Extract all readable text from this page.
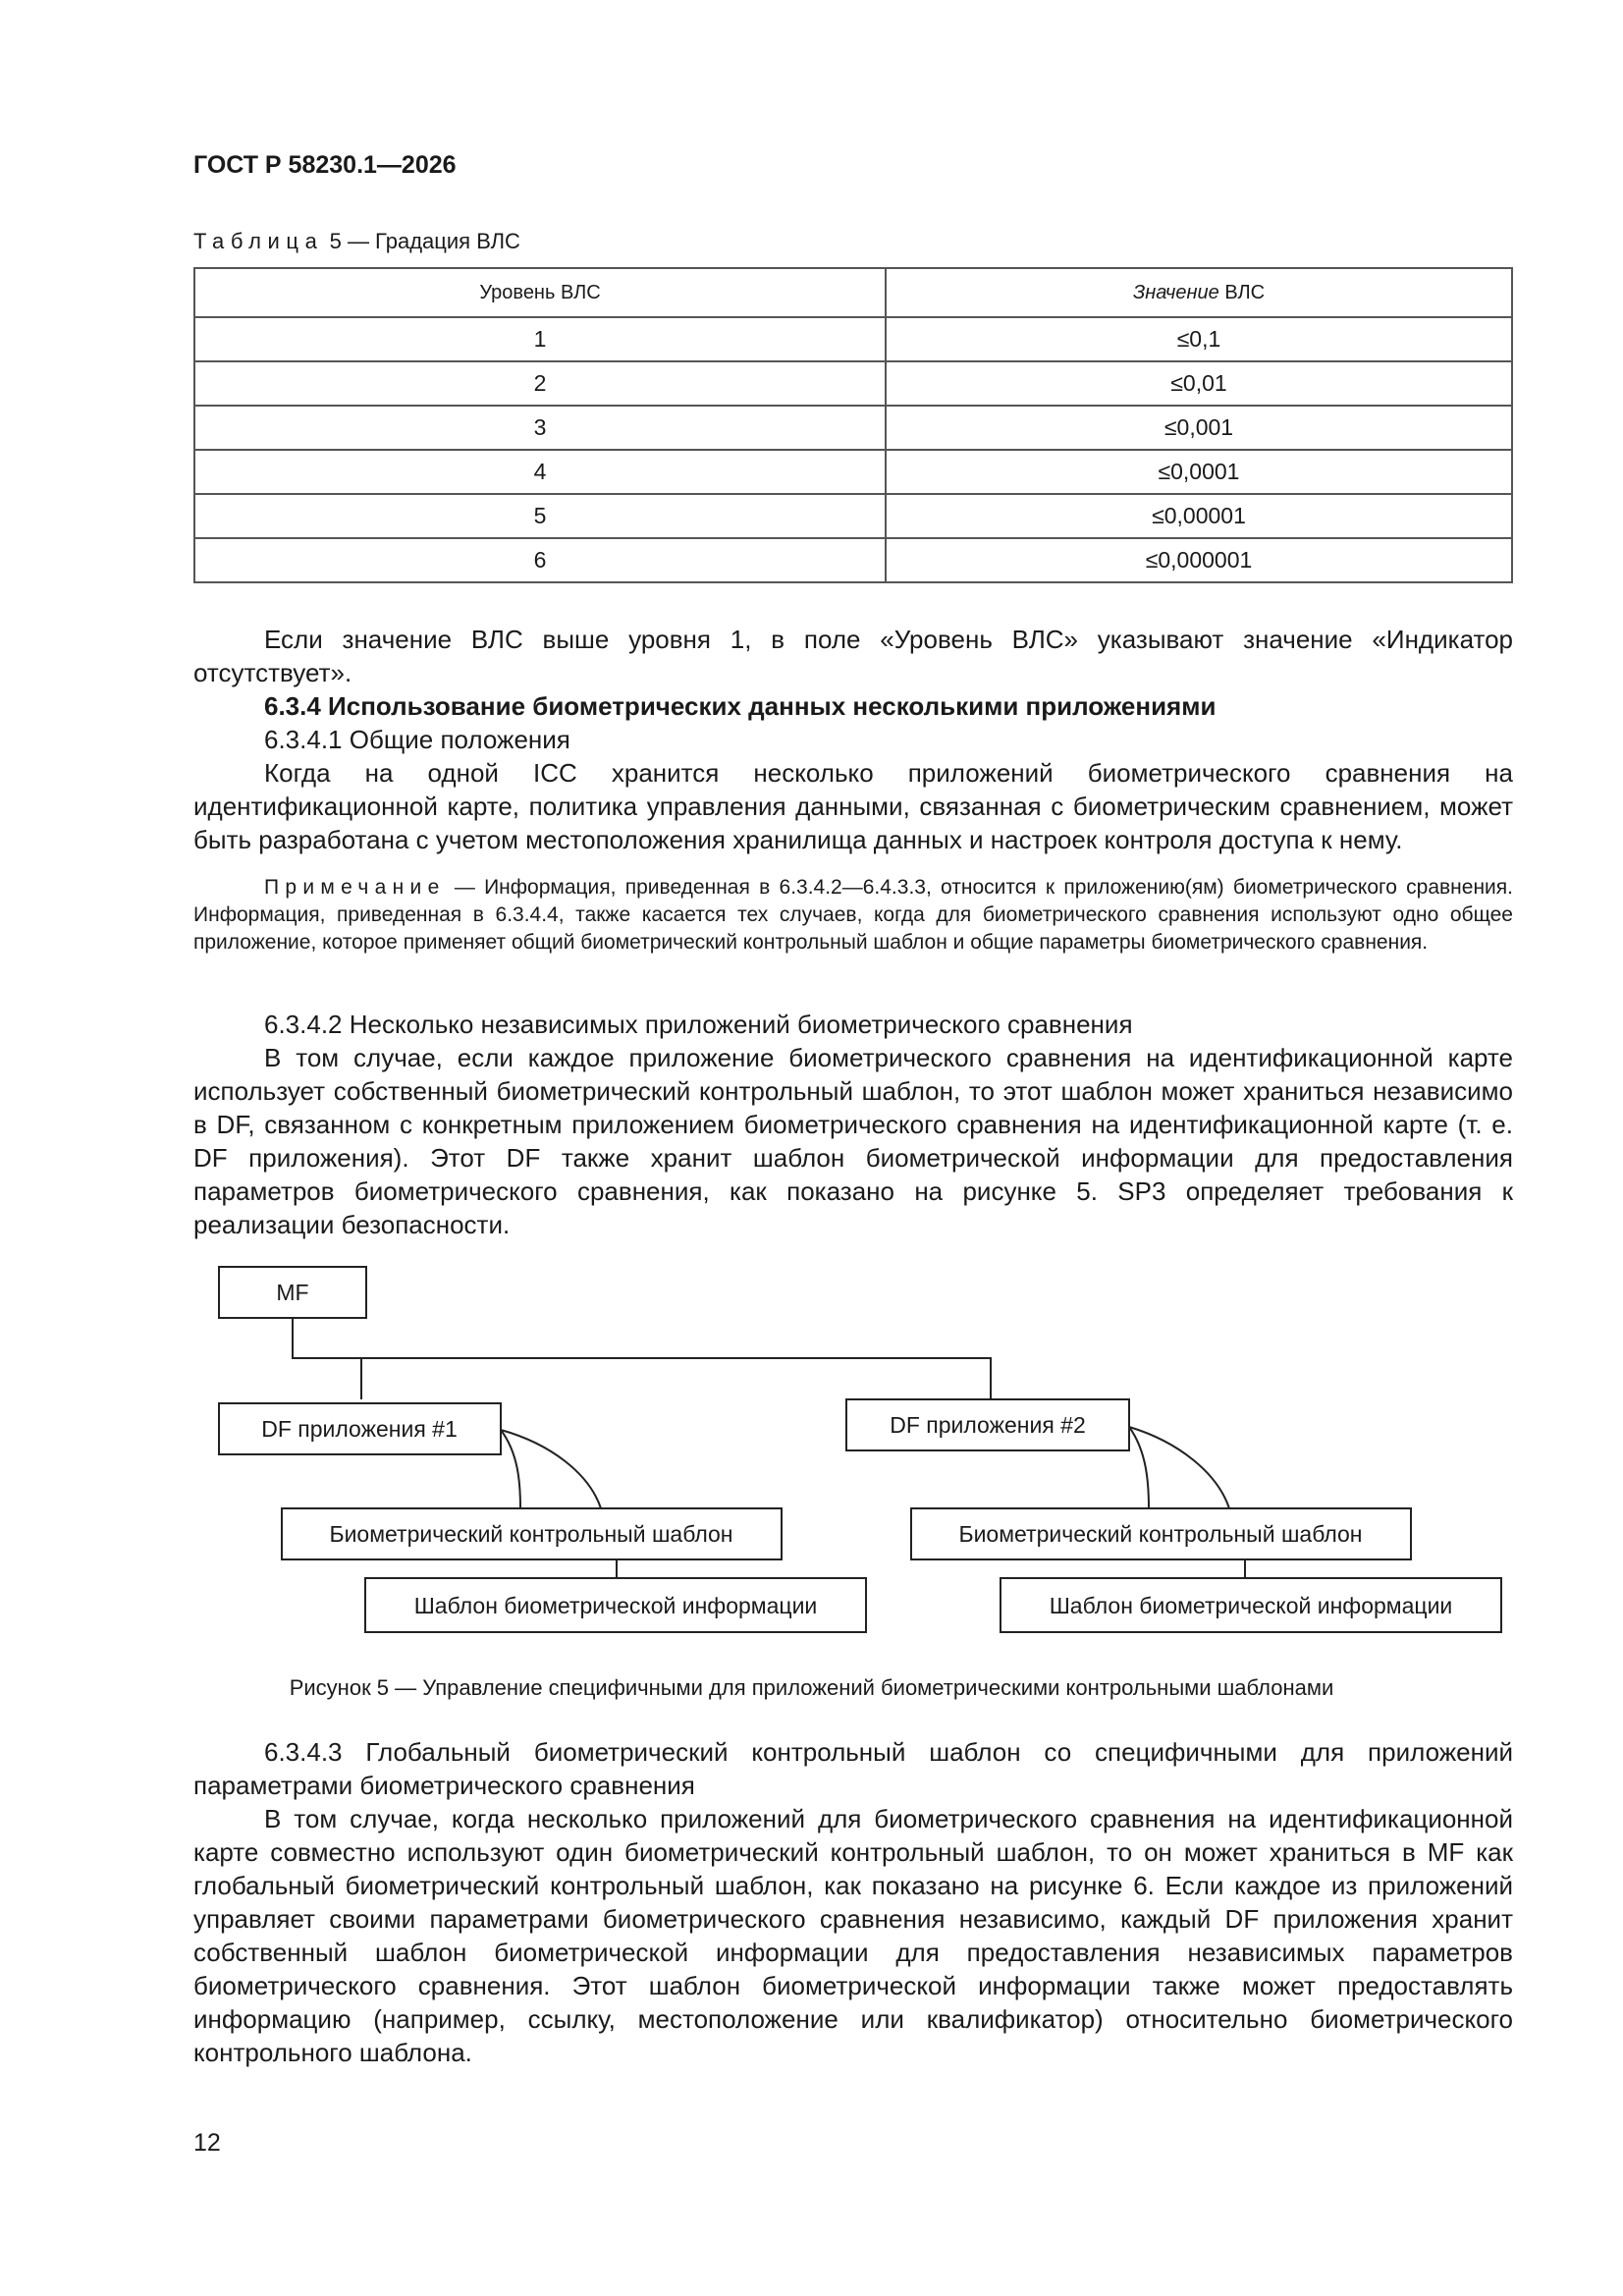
ГОСТ Р 58230.1—2026
Таблица 5 — Градация ВЛС
Уровень ВЛС	Значение ВЛС
1	≤0,1
2	≤0,01
3	≤0,001
4	≤0,0001
5	≤0,00001
6	≤0,000001

Если значение ВЛС выше уровня 1, в поле «Уровень ВЛС» указывают значение «Индикатор отсутствует».

6.3.4 Использование биометрических данных несколькими приложениями

6.3.4.1 Общие положения

Когда на одной ICC хранится несколько приложений биометрического сравнения на идентификационной карте, политика управления данными, связанная с биометрическим сравнением, может быть разработана с учетом местоположения хранилища данных и настроек контроля доступа к нему.

Примечание — Информация, приведенная в 6.3.4.2—6.4.3.3, относится к приложению(ям) биометрического сравнения. Информация, приведенная в 6.3.4.4, также касается тех случаев, когда для биометрического сравнения используют одно общее приложение, которое применяет общий биометрический контрольный шаблон и общие параметры биометрического сравнения.

6.3.4.2 Несколько независимых приложений биометрического сравнения

В том случае, если каждое приложение биометрического сравнения на идентификационной карте использует собственный биометрический контрольный шаблон, то этот шаблон может храниться независимо в DF, связанном с конкретным приложением биометрического сравнения на идентификационной карте (т. е. DF приложения). Этот DF также хранит шаблон биометрической информации для предоставления параметров биометрического сравнения, как показано на рисунке 5. SP3 определяет требования к реализации безопасности.

MF
DF приложения #1	DF приложения #2
Биометрический контрольный шаблон
Шаблон биометрической информации
Биометрический контрольный шаблон
Шаблон биометрической информации
Рисунок 5 — Управление специфичными для приложений биометрическими контрольными шаблонами

6.3.4.3 Глобальный биометрический контрольный шаблон со специфичными для приложений параметрами биометрического сравнения

В том случае, когда несколько приложений для биометрического сравнения на идентификационной карте совместно используют один биометрический контрольный шаблон, то он может храниться в MF как глобальный биометрический контрольный шаблон, как показано на рисунке 6. Если каждое из приложений управляет своими параметрами биометрического сравнения независимо, каждый DF приложения хранит собственный шаблон биометрической информации для предоставления независимых параметров биометрического сравнения. Этот шаблон биометрической информации также может предоставлять информацию (например, ссылку, местоположение или квалификатор) относительно биометрического контрольного шаблона.

12
